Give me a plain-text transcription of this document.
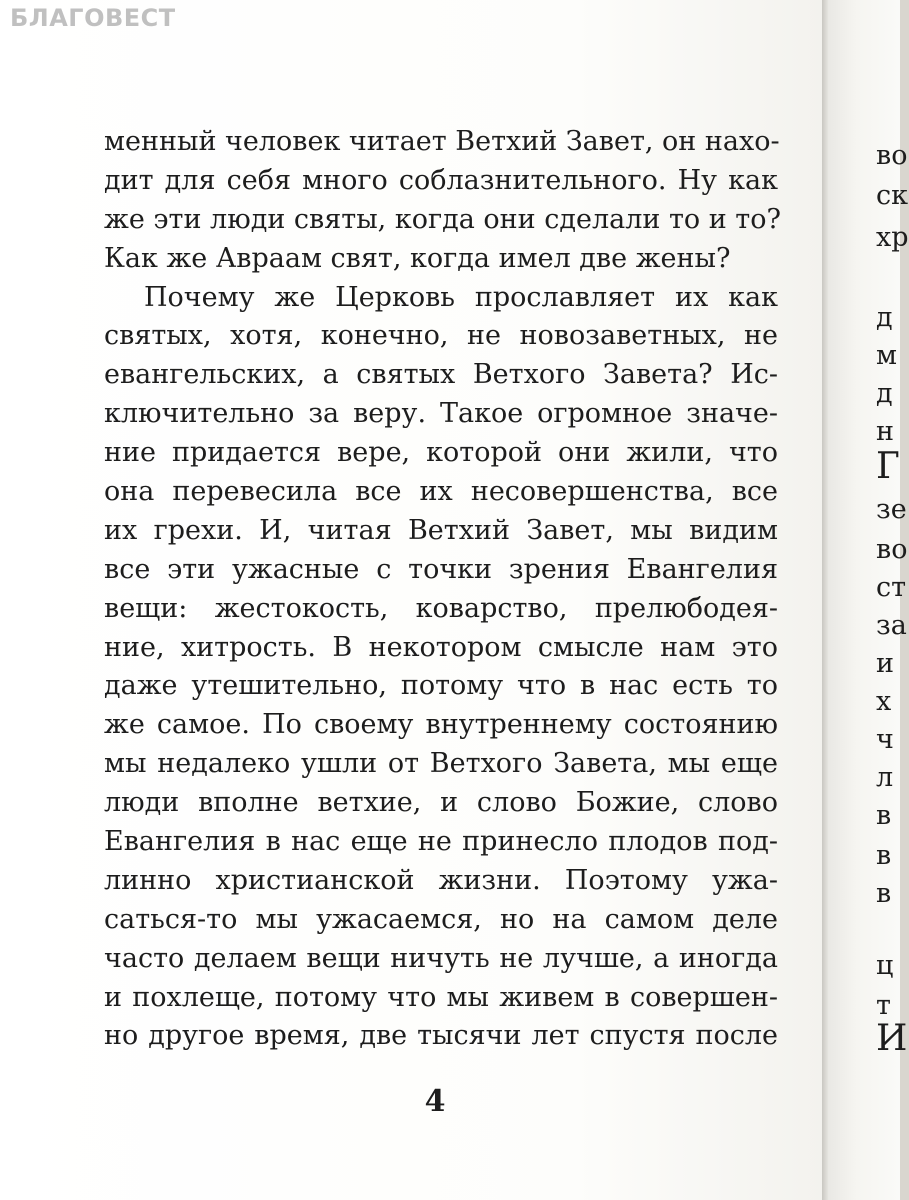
БЛАГОВЕСТ
менный человек читает Ветхий Завет, он нахо-
дит для себя много соблазнительного. Ну как
же эти люди святы, когда они сделали то и то?
Как же Авраам свят, когда имел две жены?
Почему же Церковь прославляет их как
святых, хотя, конечно, не новозаветных, не
евангельских, а святых Ветхого Завета? Ис-
ключительно за веру. Такое огромное значе-
ние придается вере, которой они жили, что
она перевесила все их несовершенства, все
их грехи. И, читая Ветхий Завет, мы видим
все эти ужасные с точки зрения Евангелия
вещи: жестокость, коварство, прелюбодея-
ние, хитрость. В некотором смысле нам это
даже утешительно, потому что в нас есть то
же самое. По своему внутреннему состоянию
мы недалеко ушли от Ветхого Завета, мы еще
люди вполне ветхие, и слово Божие, слово
Евангелия в нас еще не принесло плодов под-
линно христианской жизни. Поэтому ужа-
саться-то мы ужасаемся, но на самом деле
часто делаем вещи ничуть не лучше, а иногда
и похлеще, потому что мы живем в совершен-
но другое время, две тысячи лет спустя после
4
во
ск
хр
д
м
д
н
Г
зе
во
ст
за
и
х
ч
л
в
в
в
ц
т
И
